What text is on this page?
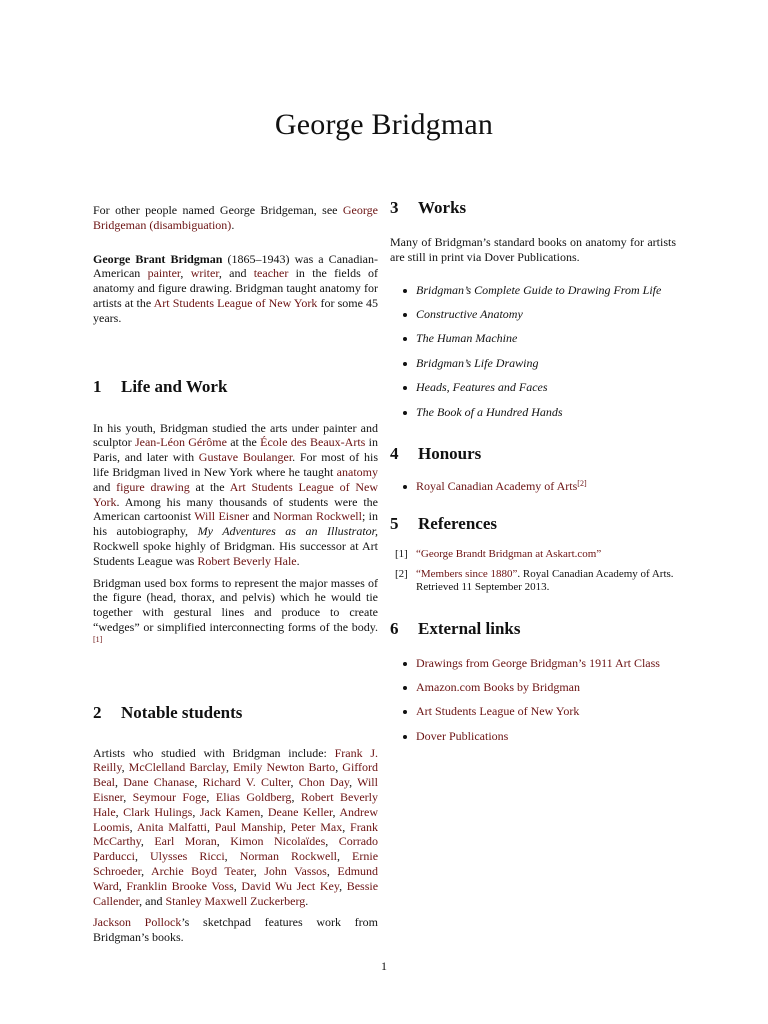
George Bridgman

For other people named George Bridgeman, see George Bridgeman (disambiguation).

George Brant Bridgman (1865–1943) was a Canadian-American painter, writer, and teacher in the fields of anatomy and figure drawing. Bridgman taught anatomy for artists at the Art Students League of New York for some 45 years.

1	Life and Work

In his youth, Bridgman studied the arts under painter and sculptor Jean-Léon Gérôme at the École des Beaux-Arts in Paris, and later with Gustave Boulanger. For most of his life Bridgman lived in New York where he taught anatomy and figure drawing at the Art Students League of New York. Among his many thousands of students were the American cartoonist Will Eisner and Norman Rockwell; in his autobiography, My Adventures as an Illustrator, Rockwell spoke highly of Bridgman. His successor at Art Students League was Robert Beverly Hale.

Bridgman used box forms to represent the major masses of the figure (head, thorax, and pelvis) which he would tie together with gestural lines and produce to create “wedges” or simplified interconnecting forms of the body.[1]

2	Notable students

Artists who studied with Bridgman include: Frank J. Reilly, McClelland Barclay, Emily Newton Barto, Gifford Beal, Dane Chanase, Richard V. Culter, Chon Day, Will Eisner, Seymour Foge, Elias Goldberg, Robert Beverly Hale, Clark Hulings, Jack Kamen, Deane Keller, Andrew Loomis, Anita Malfatti, Paul Manship, Peter Max, Frank McCarthy, Earl Moran, Kimon Nicolaïdes, Corrado Parducci, Ulysses Ricci, Norman Rockwell, Ernie Schroeder, Archie Boyd Teater, John Vassos, Edmund Ward, Franklin Brooke Voss, David Wu Ject Key, Bessie Callender, and Stanley Maxwell Zuckerberg.

Jackson Pollock’s sketchpad features work from Bridgman’s books.

3	Works

Many of Bridgman’s standard books on anatomy for artists are still in print via Dover Publications.

Bridgman’s Complete Guide to Drawing From Life
Constructive Anatomy
The Human Machine
Bridgman’s Life Drawing
Heads, Features and Faces
The Book of a Hundred Hands
4	Honours
Royal Canadian Academy of Arts[2]
5	References
[1] “George Brandt Bridgman at Askart.com”
[2] “Members since 1880”. Royal Canadian Academy of Arts. Retrieved 11 September 2013.
6	External links
Drawings from George Bridgman’s 1911 Art Class
Amazon.com Books by Bridgman
Art Students League of New York
Dover Publications
1
